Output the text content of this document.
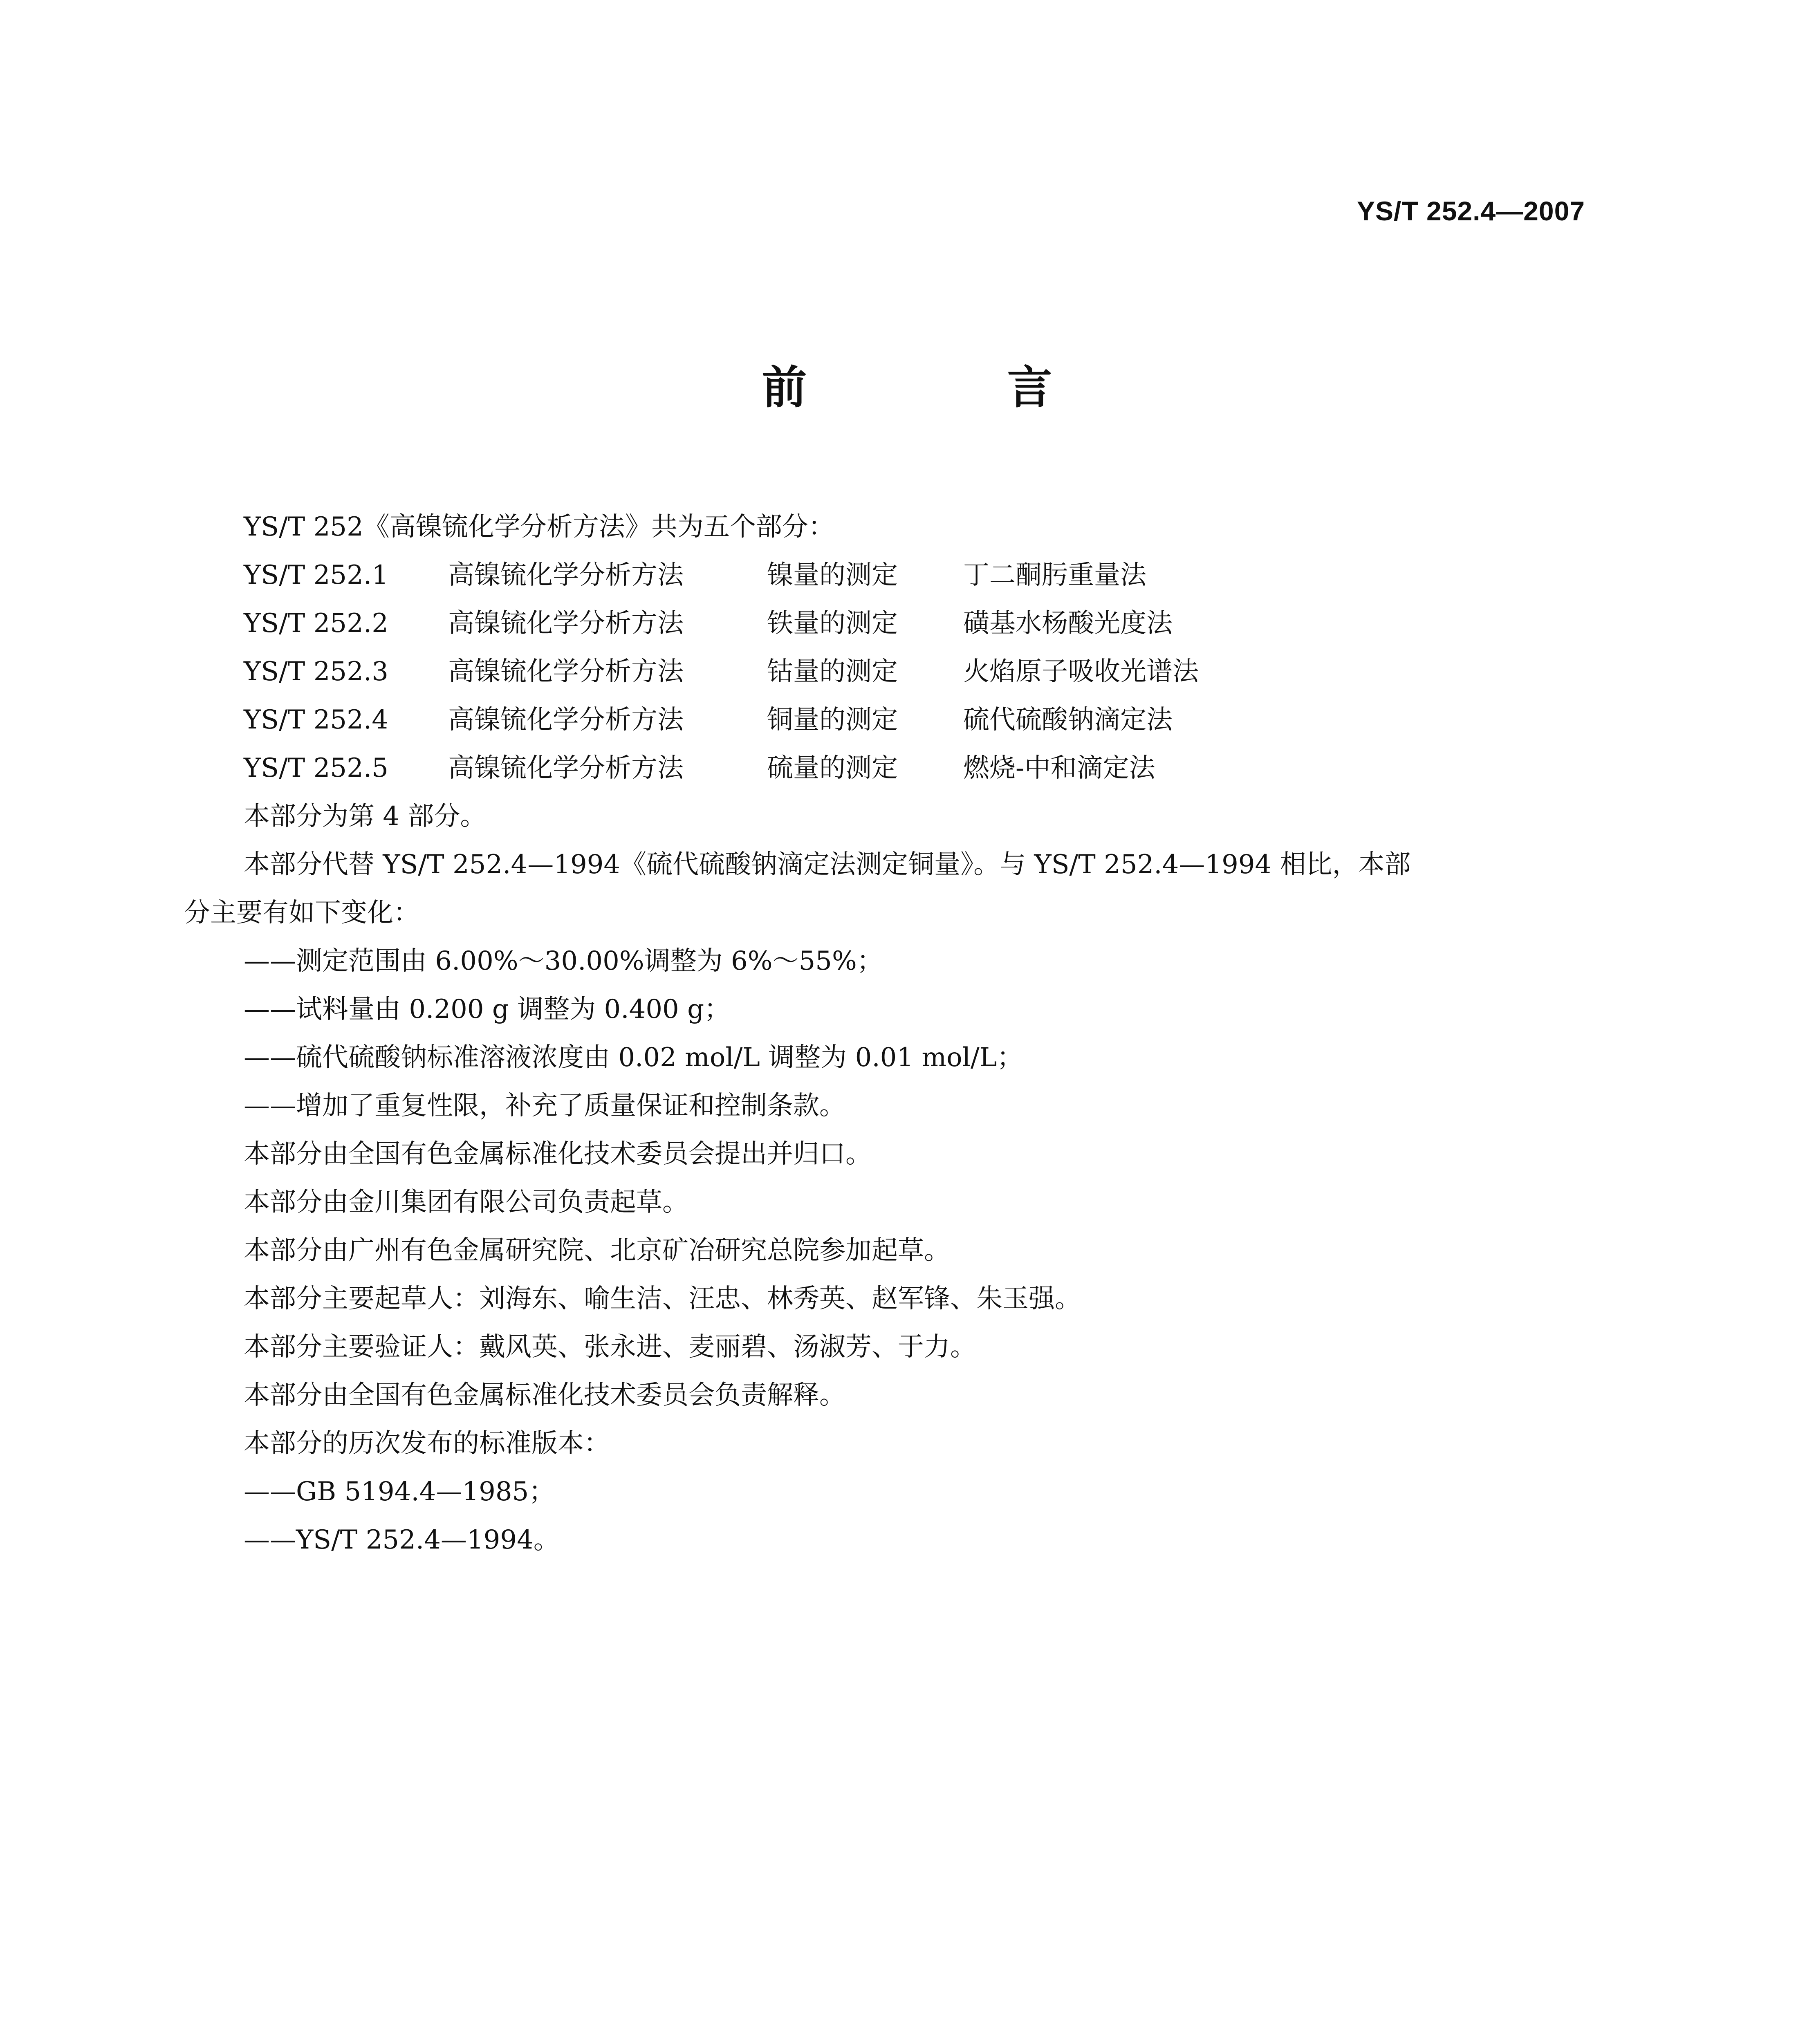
YS/T 252.4—2007
前　言

YS/T 252《高镍锍化学分析方法》共为五个部分：

YS/T 252.1	高镍锍化学分析方法	镍量的测定	丁二酮肟重量法
YS/T 252.2	高镍锍化学分析方法	铁量的测定	磺基水杨酸光度法
YS/T 252.3	高镍锍化学分析方法	钴量的测定	火焰原子吸收光谱法
YS/T 252.4	高镍锍化学分析方法	铜量的测定	硫代硫酸钠滴定法
YS/T 252.5	高镍锍化学分析方法	硫量的测定	燃烧-中和滴定法

本部分为第 4 部分。

本部分代替 YS/T 252.4—1994《硫代硫酸钠滴定法测定铜量》。与 YS/T 252.4—1994 相比，本部

分主要有如下变化：

——测定范围由 6.00%～30.00%调整为 6%～55%；

——试料量由 0.200 g 调整为 0.400 g；

——硫代硫酸钠标准溶液浓度由 0.02 mol/L 调整为 0.01 mol/L；

——增加了重复性限，补充了质量保证和控制条款。

本部分由全国有色金属标准化技术委员会提出并归口。

本部分由金川集团有限公司负责起草。

本部分由广州有色金属研究院、北京矿冶研究总院参加起草。

本部分主要起草人：刘海东、喻生洁、汪忠、林秀英、赵军锋、朱玉强。

本部分主要验证人：戴风英、张永进、麦丽碧、汤淑芳、于力。

本部分由全国有色金属标准化技术委员会负责解释。

本部分的历次发布的标准版本：

——GB 5194.4—1985；

——YS/T 252.4—1994。
